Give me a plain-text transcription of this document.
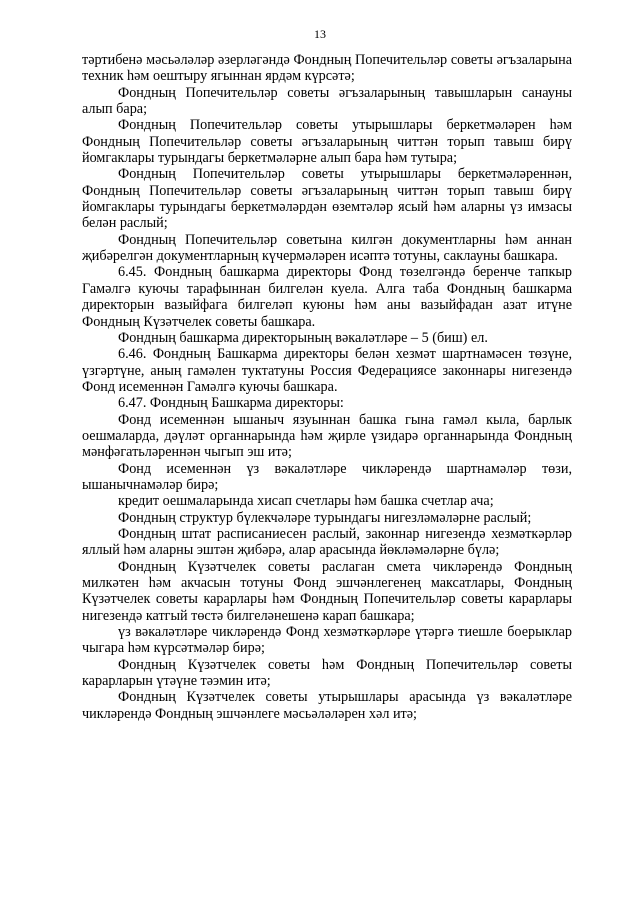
13

тәртибенә мәсьәләләр әзерләгәндә Фондның Попечительләр советы әгъзаларына техник һәм оештыру ягыннан ярдәм күрсәтә;

Фондның Попечительләр советы әгъзаларының тавышларын санауны алып бара;

Фондның Попечительләр советы утырышлары беркетмәләрен һәм Фондның Попечительләр советы әгъзаларының читтән торып тавыш бирү йомгаклары турындагы беркетмәләрне алып бара һәм тутыра;

Фондның Попечительләр советы утырышлары беркетмәләреннән, Фондның Попечительләр советы әгъзаларының читтән торып тавыш бирү йомгаклары турындагы беркетмәләрдән өземтәләр ясый һәм аларны үз имзасы белән раслый;

Фондның Попечительләр советына килгән документларны һәм аннан җибәрелгән документларның күчермәләрен исәптә тотуны, саклауны башкара.

6.45. Фондның башкарма директоры Фонд төзелгәндә беренче тапкыр Гамәлгә куючы тарафыннан билгелән куела. Алга таба Фондның башкарма директорын вазыйфага билгеләп куюны һәм аны вазыйфадан азат итүне Фондның Күзәтчелек советы башкара.

Фондның башкарма директорының вәкаләтләре – 5 (биш) ел.

6.46. Фондның Башкарма директоры белән хезмәт шартнамәсен төзүне, үзгәртүне, аның гамәлен туктатуны Россия Федерациясе законнары нигезендә Фонд исеменнән Гамәлгә куючы башкара.

6.47. Фондның Башкарма директоры:

Фонд исеменнән ышаныч язуыннан башка гына гамәл кыла, барлык оешмаларда, дәүләт органнарында һәм җирле үзидарә органнарында Фондның мәнфәгатьләреннән чыгып эш итә;

Фонд исеменнән үз вәкаләтләре чикләрендә шартнамәләр төзи, ышанычнамәләр бирә;

кредит оешмаларында хисап счетлары һәм башка счетлар ача;

Фондның структур бүлекчәләре турындагы нигезләмәләрне раслый;

Фондның штат расписаниесен раслый, законнар нигезендә хезмәткәрләр яллый һәм аларны эштән җибәрә, алар арасында йөкләмәләрне бүлә;

Фондның Күзәтчелек советы раслаган смета чикләрендә Фондның милкәтен һәм акчасын тотуны Фонд эшчәнлегенең максатлары, Фондның Күзәтчелек советы карарлары һәм Фондның Попечительләр советы карарлары нигезендә катгый төстә билгеләнешенә карап башкара;

үз вәкаләтләре чикләрендә Фонд хезмәткәрләре үтәргә тиешле боерыклар чыгара һәм күрсәтмәләр бирә;

Фондның Күзәтчелек советы һәм Фондның Попечительләр советы карарларын үтәүне тәэмин итә;

Фондның Күзәтчелек советы утырышлары арасында үз вәкаләтләре чикләрендә Фондның эшчәнлеге мәсьәләләрен хәл итә;
